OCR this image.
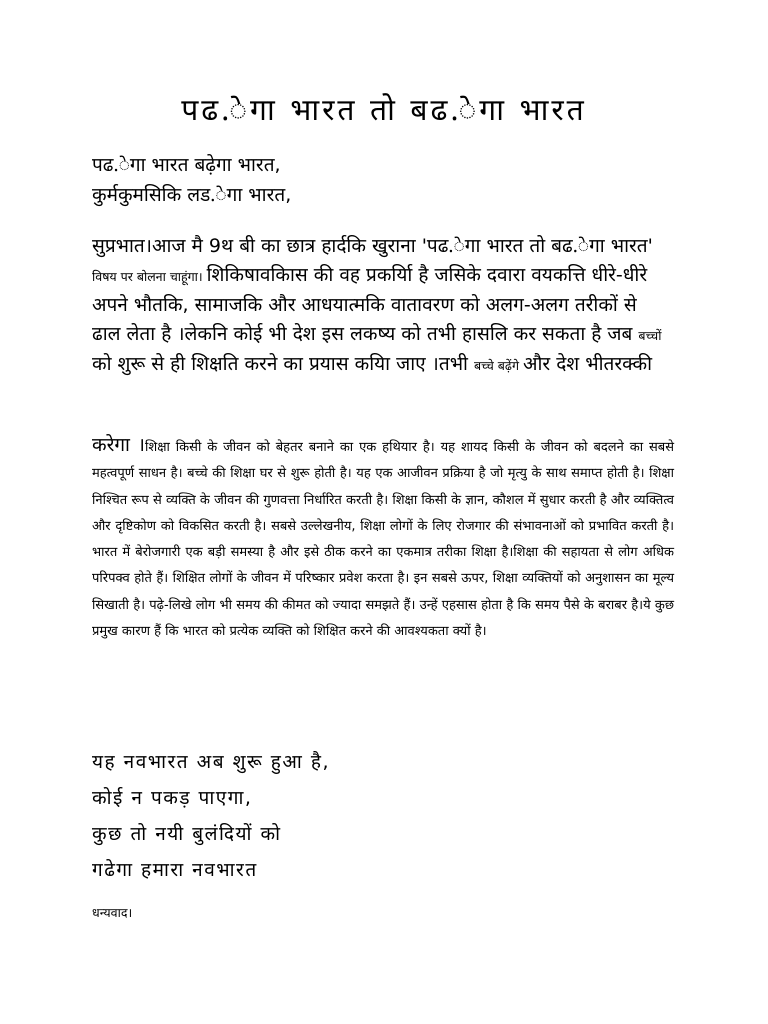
पढ.ेगा भारत तो बढ.ेगा भारत
पढ.ेगा भारत बढ़ेगा भारत,
कुर्मकुमसिकि लड.ेगा भारत,

सुप्रभात।आज मै 9थ बी का छात्र हार्दकि खुराना 'पढ.ेगा भारत तो बढ.ेगा भारत' विषय पर बोलना चाहूंगा। शिकिषावकिास की वह प्रकर्यिा है जसिके दवारा वयकत्ति धीरे-धीरे अपने भौतकि, सामाजकि और आधयात्मकि वातावरण को अलग-अलग तरीकों से ढाल लेता है ।लेकनि कोई भी देश इस लकष्य को तभी हासलि कर सकता है जब बच्चों को शुरू से ही शिक्षति करने का प्रयास कयिा जाए ।तभी बच्चे बढ़ेंगे और देश भीतरक्की

करेगा ।शिक्षा किसी के जीवन को बेहतर बनाने का एक हथियार है। यह शायद किसी के जीवन को बदलने का सबसे महत्वपूर्ण साधन है। बच्चे की शिक्षा घर से शुरू होती है। यह एक आजीवन प्रक्रिया है जो मृत्यु के साथ समाप्त होती है। शिक्षा निश्चित रूप से व्यक्ति के जीवन की गुणवत्ता निर्धारित करती है। शिक्षा किसी के ज्ञान, कौशल में सुधार करती है और व्यक्तित्व और दृष्टिकोण को विकसित करती है। सबसे उल्लेखनीय, शिक्षा लोगों के लिए रोजगार की संभावनाओं को प्रभावित करती है।भारत में बेरोजगारी एक बड़ी समस्या है और इसे ठीक करने का एकमात्र तरीका शिक्षा है।शिक्षा की सहायता से लोग अधिक परिपक्व होते हैं। शिक्षित लोगों के जीवन में परिष्कार प्रवेश करता है। इन सबसे ऊपर, शिक्षा व्यक्तियों को अनुशासन का मूल्य सिखाती है। पढ़े-लिखे लोग भी समय की कीमत को ज्यादा समझते हैं। उन्हें एहसास होता है कि समय पैसे के बराबर है।ये कुछ प्रमुख कारण हैं कि भारत को प्रत्येक व्यक्ति को शिक्षित करने की आवश्यकता क्यों है।

यह नवभारत अब शुरू हुआ है,
कोई न पकड़ पाएगा,
कुछ तो नयी बुलंदियों को
गढेगा हमारा नवभारत

धन्यवाद।
